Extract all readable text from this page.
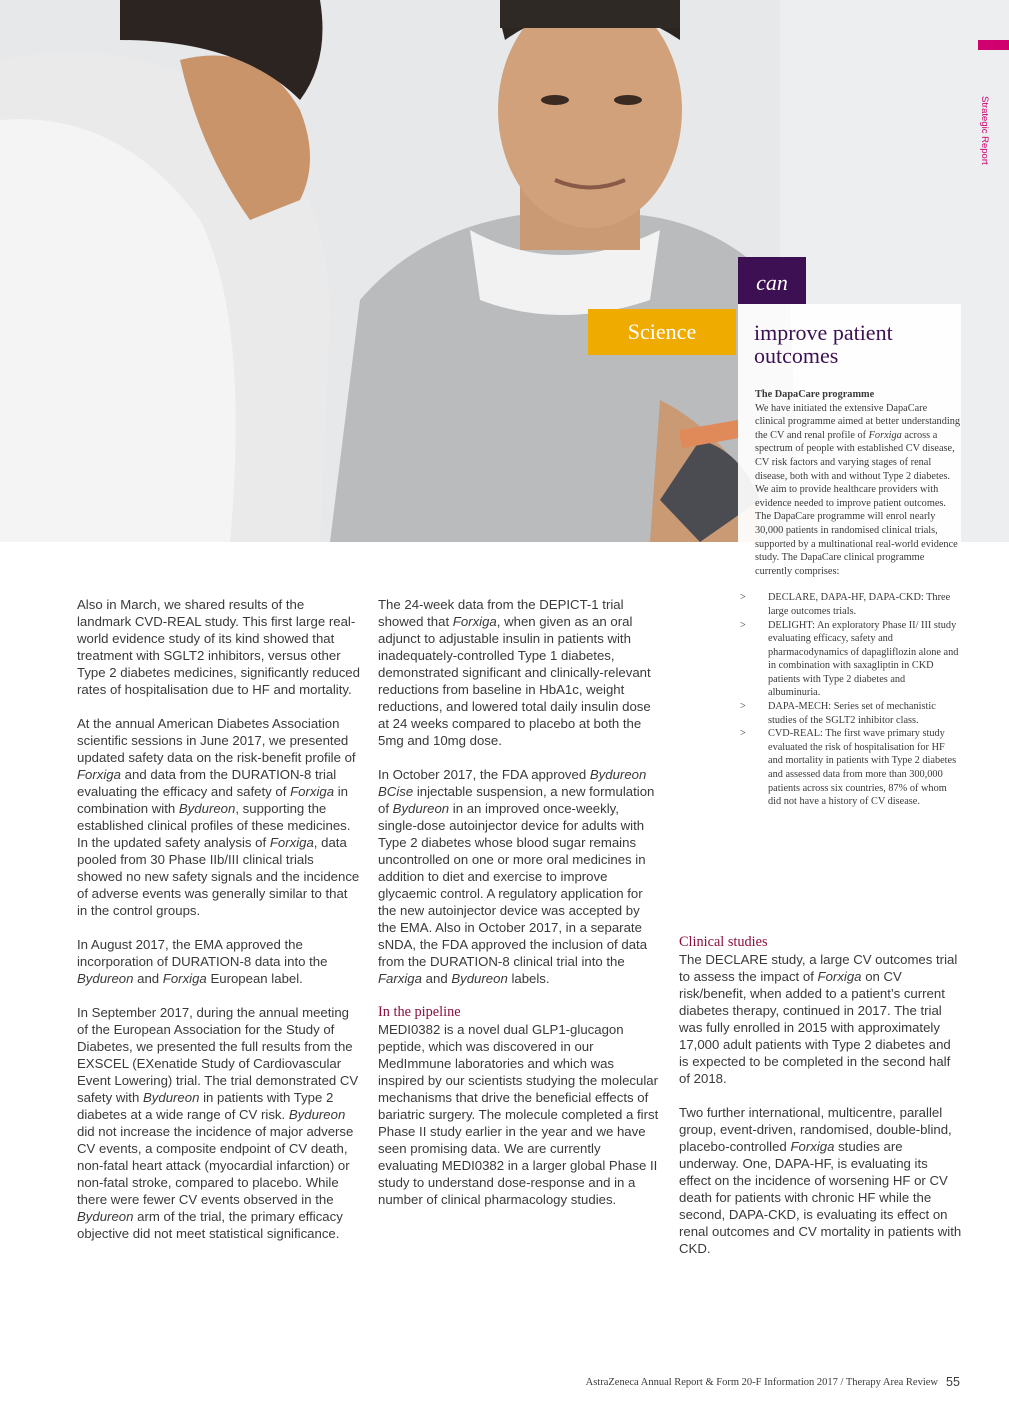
Strategic Report
can
Science	improve patient outcomes
The DapaCare programme

We have initiated the extensive DapaCare clinical programme aimed at better understanding the CV and renal profile of Forxiga across a spectrum of people with established CV disease, CV risk factors and varying stages of renal disease, both with and without Type 2 diabetes. We aim to provide healthcare providers with evidence needed to improve patient outcomes. The DapaCare programme will enrol nearly 30,000 patients in randomised clinical trials, supported by a multinational real-world evidence study. The DapaCare clinical programme currently comprises:

> DECLARE, DAPA-HF, DAPA-CKD: Three large outcomes trials.
> DELIGHT: An exploratory Phase II/ III study evaluating efficacy, safety and pharmacodynamics of dapagliflozin alone and in combination with saxagliptin in CKD patients with Type 2 diabetes and albuminuria.
> DAPA-MECH: Series set of mechanistic studies of the SGLT2 inhibitor class.
> CVD-REAL: The first wave primary study evaluated the risk of hospitalisation for HF and mortality in patients with Type 2 diabetes and assessed data from more than 300,000 patients across six countries, 87% of whom did not have a history of CV disease.

Also in March, we shared results of the landmark CVD-REAL study. This first large real-world evidence study of its kind showed that treatment with SGLT2 inhibitors, versus other Type 2 diabetes medicines, significantly reduced rates of hospitalisation due to HF and mortality.

At the annual American Diabetes Association scientific sessions in June 2017, we presented updated safety data on the risk-benefit profile of Forxiga and data from the DURATION-8 trial evaluating the efficacy and safety of Forxiga in combination with Bydureon, supporting the established clinical profiles of these medicines. In the updated safety analysis of Forxiga, data pooled from 30 Phase IIb/III clinical trials showed no new safety signals and the incidence of adverse events was generally similar to that in the control groups.

In August 2017, the EMA approved the incorporation of DURATION-8 data into the Bydureon and Forxiga European label.

In September 2017, during the annual meeting of the European Association for the Study of Diabetes, we presented the full results from the EXSCEL (EXenatide Study of Cardiovascular Event Lowering) trial. The trial demonstrated CV safety with Bydureon in patients with Type 2 diabetes at a wide range of CV risk. Bydureon did not increase the incidence of major adverse CV events, a composite endpoint of CV death, non-fatal heart attack (myocardial infarction) or non-fatal stroke, compared to placebo. While there were fewer CV events observed in the Bydureon arm of the trial, the primary efficacy objective did not meet statistical significance.

The 24-week data from the DEPICT-1 trial showed that Forxiga, when given as an oral adjunct to adjustable insulin in patients with inadequately-controlled Type 1 diabetes, demonstrated significant and clinically-relevant reductions from baseline in HbA1c, weight reductions, and lowered total daily insulin dose at 24 weeks compared to placebo at both the 5mg and 10mg dose.

In October 2017, the FDA approved Bydureon BCise injectable suspension, a new formulation of Bydureon in an improved once-weekly, single-dose autoinjector device for adults with Type 2 diabetes whose blood sugar remains uncontrolled on one or more oral medicines in addition to diet and exercise to improve glycaemic control. A regulatory application for the new autoinjector device was accepted by the EMA. Also in October 2017, in a separate sNDA, the FDA approved the inclusion of data from the DURATION-8 clinical trial into the Farxiga and Bydureon labels.

In the pipeline

MEDI0382 is a novel dual GLP1-glucagon peptide, which was discovered in our MedImmune laboratories and which was inspired by our scientists studying the molecular mechanisms that drive the beneficial effects of bariatric surgery. The molecule completed a first Phase II study earlier in the year and we have seen promising data. We are currently evaluating MEDI0382 in a larger global Phase II study to understand dose-response and in a number of clinical pharmacology studies.

Clinical studies

The DECLARE study, a large CV outcomes trial to assess the impact of Forxiga on CV risk/benefit, when added to a patient’s current diabetes therapy, continued in 2017. The trial was fully enrolled in 2015 with approximately 17,000 adult patients with Type 2 diabetes and is expected to be completed in the second half of 2018.

Two further international, multicentre, parallel group, event-driven, randomised, double-blind, placebo-controlled Forxiga studies are underway. One, DAPA-HF, is evaluating its effect on the incidence of worsening HF or CV death for patients with chronic HF while the second, DAPA-CKD, is evaluating its effect on renal outcomes and CV mortality in patients with CKD.

AstraZeneca Annual Report & Form 20-F Information 2017 / Therapy Area Review 55
